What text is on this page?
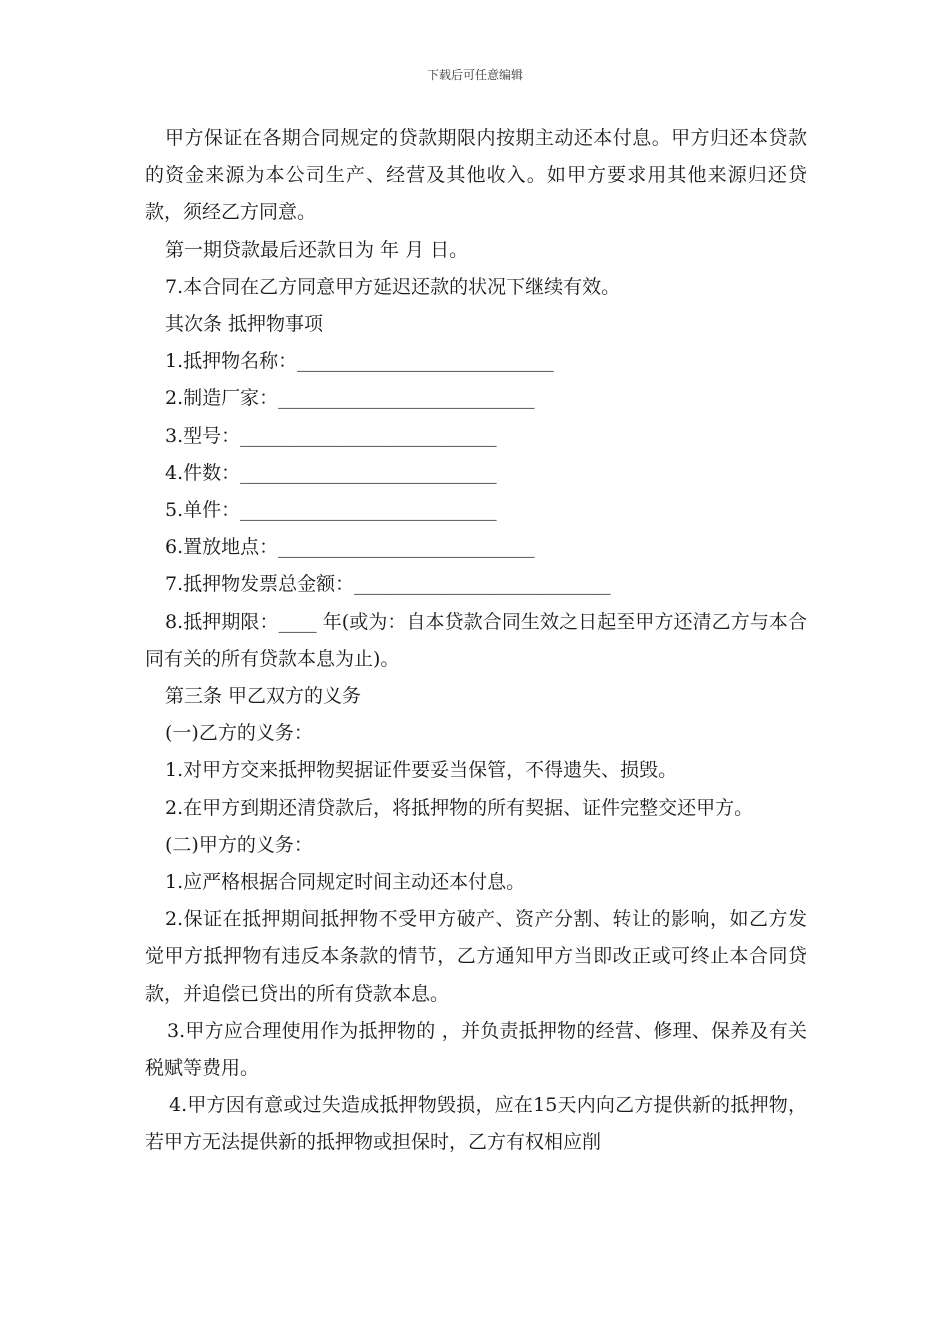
下载后可任意编辑

甲方保证在各期合同规定的贷款期限内按期主动还本付息。甲方归还本贷款的资金来源为本公司生产、经营及其他收入。如甲方要求用其他来源归还贷款，须经乙方同意。

第一期贷款最后还款日为 年 月 日。

7.本合同在乙方同意甲方延迟还款的状况下继续有效。

其次条 抵押物事项

1.抵押物名称：___________________________

2.制造厂家：___________________________

3.型号：___________________________

4.件数：___________________________

5.单件：___________________________

6.置放地点：___________________________

7.抵押物发票总金额：___________________________

8.抵押期限：____ 年(或为：自本贷款合同生效之日起至甲方还清乙方与本合同有关的所有贷款本息为止)。

第三条 甲乙双方的义务

(一)乙方的义务：

1.对甲方交来抵押物契据证件要妥当保管，不得遗失、损毁。

2.在甲方到期还清贷款后，将抵押物的所有契据、证件完整交还甲方。

(二)甲方的义务：

1.应严格根据合同规定时间主动还本付息。

2.保证在抵押期间抵押物不受甲方破产、资产分割、转让的影响，如乙方发觉甲方抵押物有违反本条款的情节，乙方通知甲方当即改正或可终止本合同贷款，并追偿已贷出的所有贷款本息。

3.甲方应合理使用作为抵押物的 ，并负责抵押物的经营、修理、保养及有关税赋等费用。

4.甲方因有意或过失造成抵押物毁损，应在15天内向乙方提供新的抵押物，若甲方无法提供新的抵押物或担保时，乙方有权相应削
